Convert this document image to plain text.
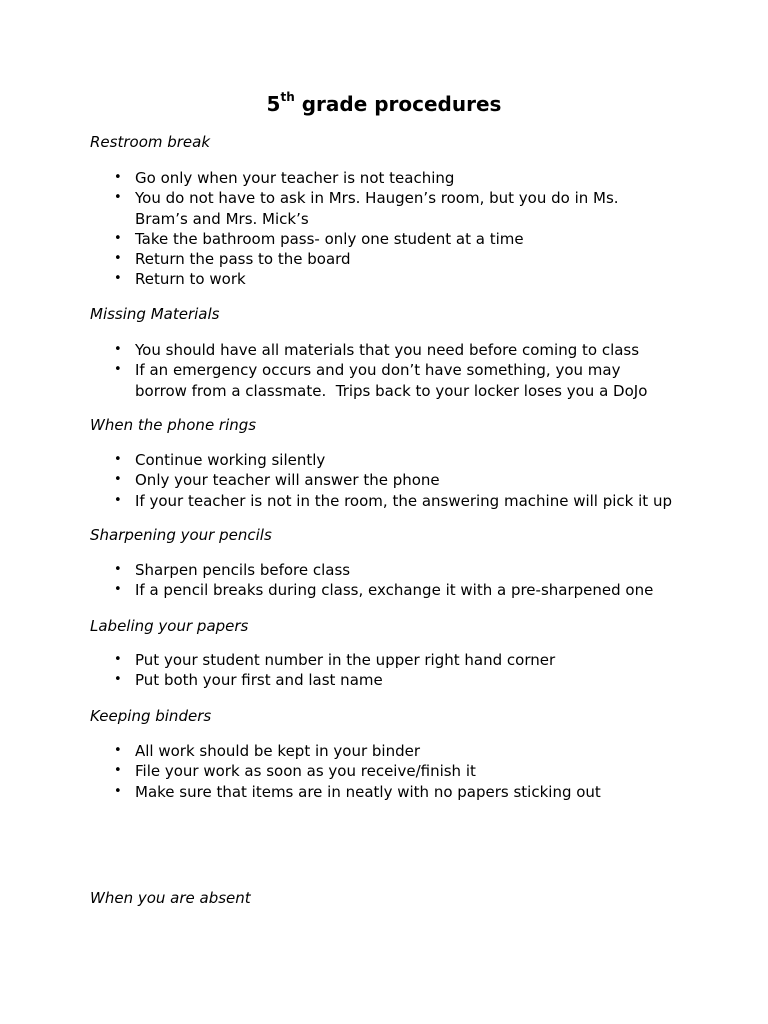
5th grade procedures
Restroom break
• Go only when your teacher is not teaching
• You do not have to ask in Mrs. Haugen’s room, but you do in Ms. Bram’s and Mrs. Mick’s
• Take the bathroom pass- only one student at a time
• Return the pass to the board
• Return to work
Missing Materials
• You should have all materials that you need before coming to class
• If an emergency occurs and you don’t have something, you may borrow from a classmate.  Trips back to your locker loses you a DoJo
When the phone rings
• Continue working silently
• Only your teacher will answer the phone
• If your teacher is not in the room, the answering machine will pick it up
Sharpening your pencils
• Sharpen pencils before class
• If a pencil breaks during class, exchange it with a pre-sharpened one
Labeling your papers
• Put your student number in the upper right hand corner
• Put both your first and last name
Keeping binders
• All work should be kept in your binder
• File your work as soon as you receive/finish it
• Make sure that items are in neatly with no papers sticking out
When you are absent
